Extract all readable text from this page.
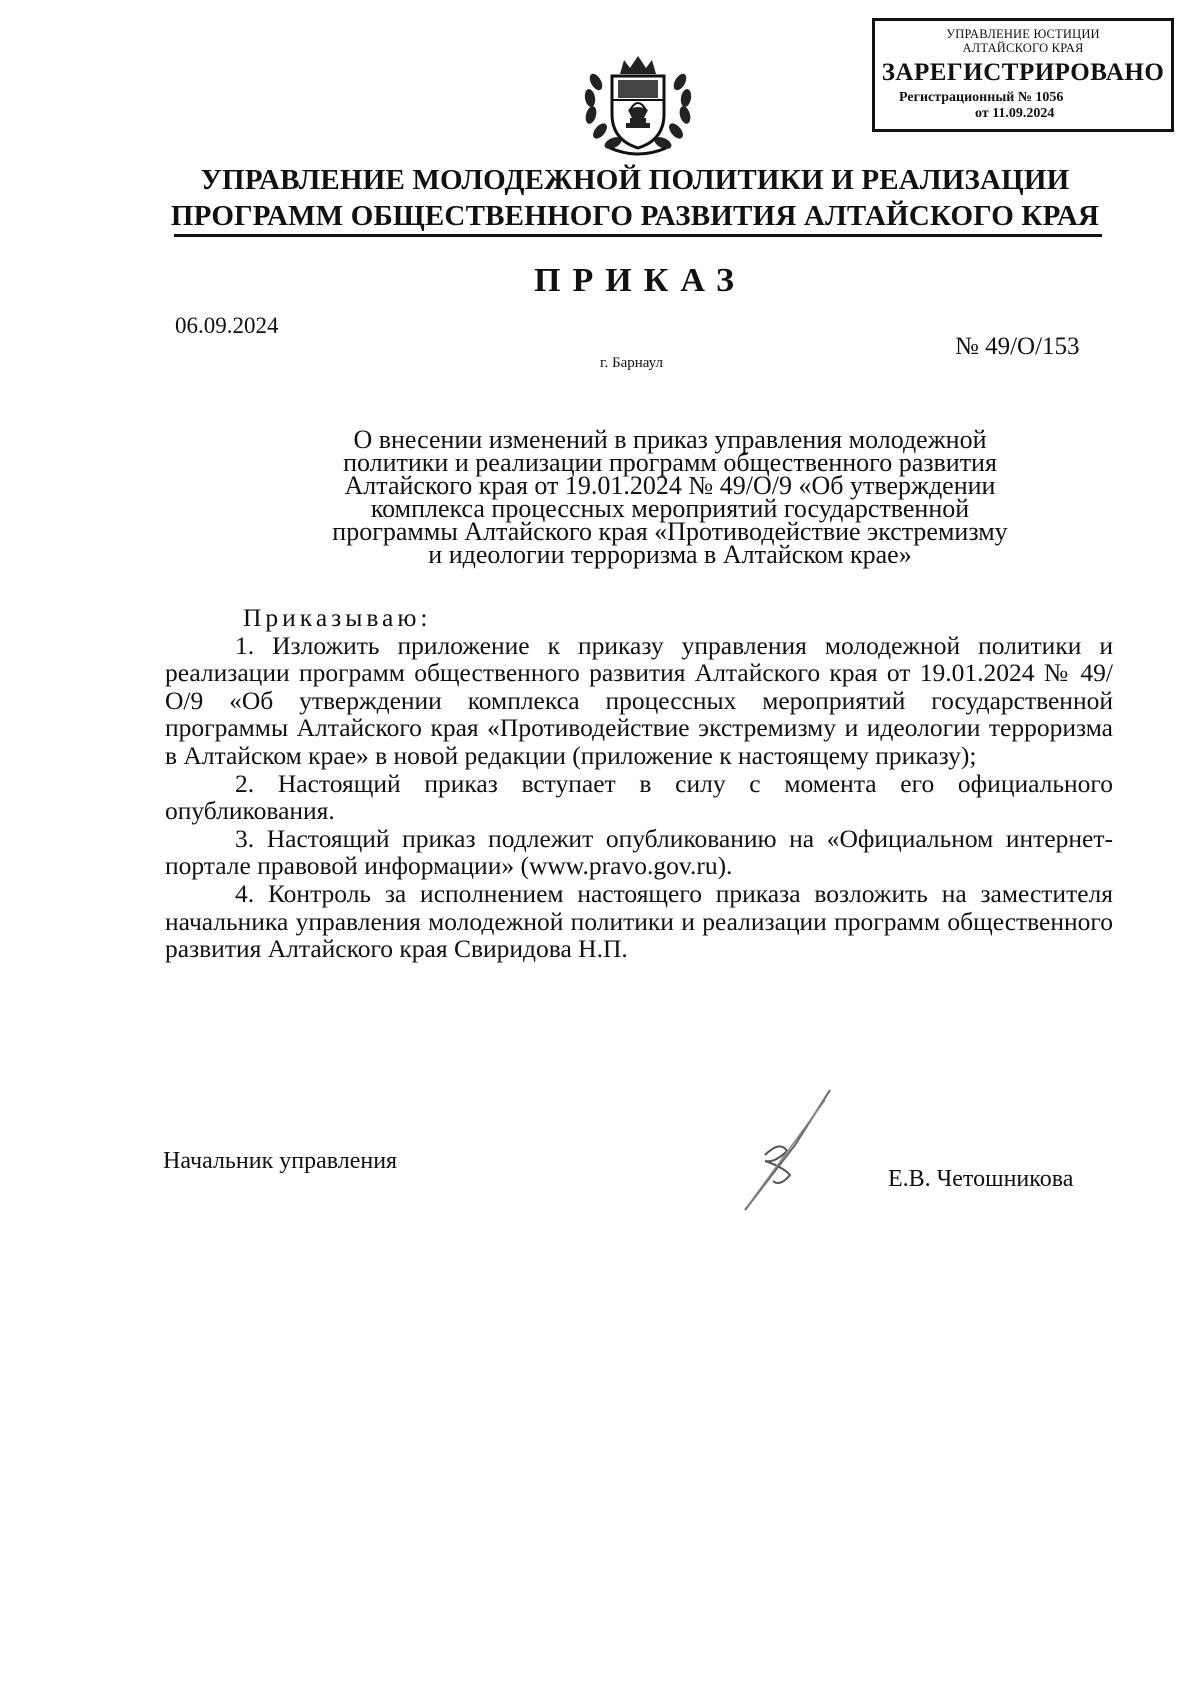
УПРАВЛЕНИЕ ЮСТИЦИИ
АЛТАЙСКОГО КРАЯ
ЗАРЕГИСТРИРОВАНО
Регистрационный № 1056
от 11.09.2024
УПРАВЛЕНИЕ МОЛОДЕЖНОЙ ПОЛИТИКИ И РЕАЛИЗАЦИИ
ПРОГРАММ ОБЩЕСТВЕННОГО РАЗВИТИЯ АЛТАЙСКОГО КРАЯ
ПРИКАЗ
06.09.2024
№ 49/О/153
г. Барнаул
О внесении изменений в приказ управления молодежной
политики и реализации программ общественного развития
Алтайского края от 19.01.2024 № 49/О/9 «Об утверждении
комплекса процессных мероприятий государственной
программы Алтайского края «Противодействие экстремизму
и идеологии терроризма в Алтайском крае»
Приказываю:

1. Изложить приложение к приказу управления молодежной политики и реализации программ общественного развития Алтайского края от 19.01.2024 № 49/О/9 «Об утверждении комплекса процессных мероприятий государственной программы Алтайского края «Противодействие экстремизму и идеологии терроризма в Алтайском крае» в новой редакции (приложение к настоящему приказу);

2. Настоящий приказ вступает в силу с момента его официального опубликования.

3. Настоящий приказ подлежит опубликованию на «Официальном интернет-портале правовой информации» (www.pravo.gov.ru).

4. Контроль за исполнением настоящего приказа возложить на заместителя начальника управления молодежной политики и реализации программ общественного развития Алтайского края Свиридова Н.П.

Начальник управления
Е.В. Четошникова
